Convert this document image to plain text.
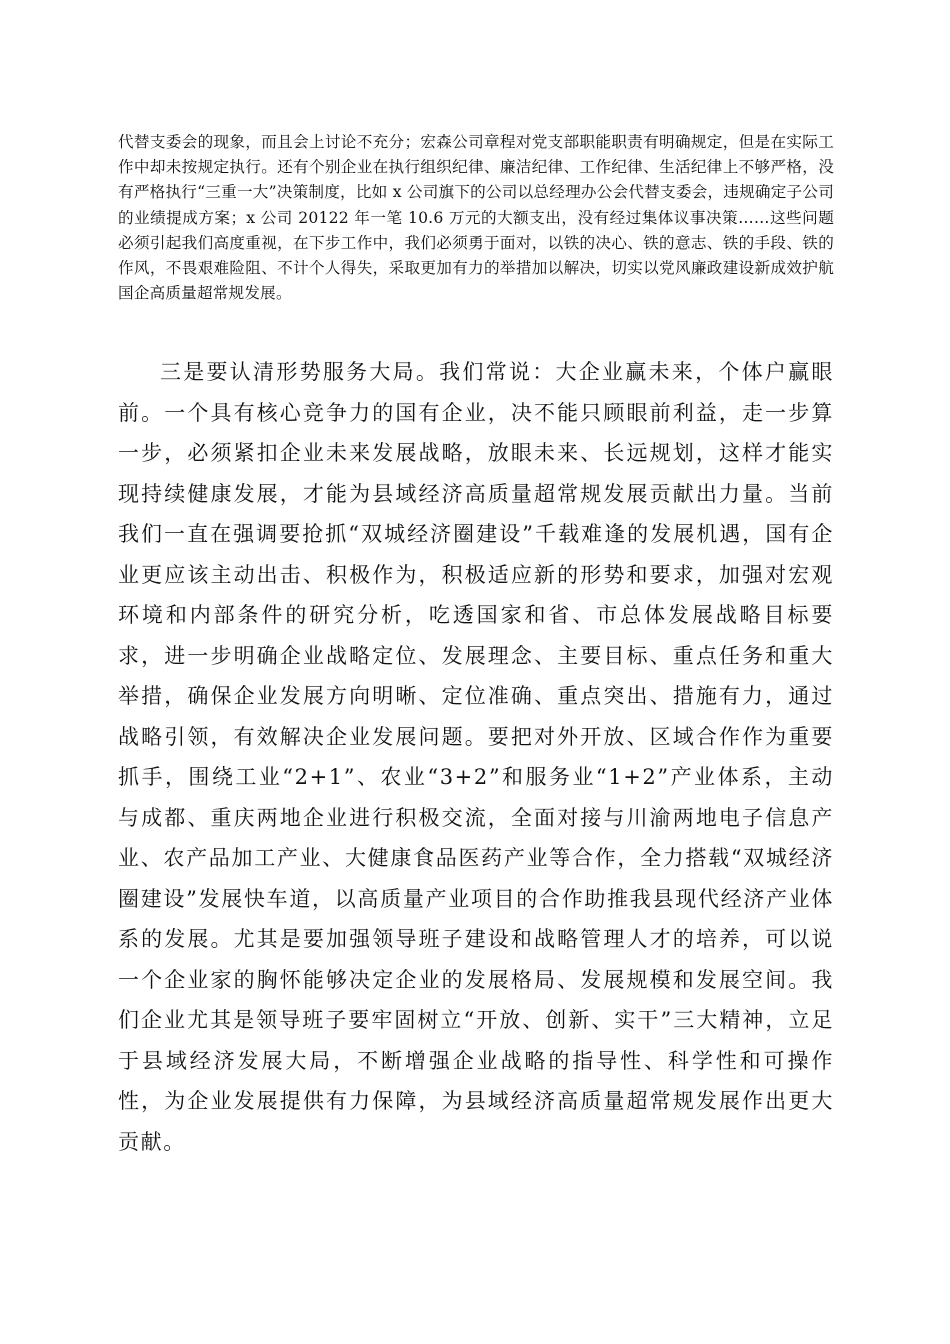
代替支委会的现象，而且会上讨论不充分；宏森公司章程对党支部职能职责有明确规定，但是在实际工作中却未按规定执行。还有个别企业在执行组织纪律、廉洁纪律、工作纪律、生活纪律上不够严格，没有严格执行“三重一大”决策制度，比如 x 公司旗下的公司以总经理办公会代替支委会，违规确定子公司的业绩提成方案；x 公司 20122 年一笔 10.6 万元的大额支出，没有经过集体议事决策……这些问题必须引起我们高度重视，在下步工作中，我们必须勇于面对，以铁的决心、铁的意志、铁的手段、铁的作风，不畏艰难险阻、不计个人得失，采取更加有力的举措加以解决，切实以党风廉政建设新成效护航国企高质量超常规发展。

三是要认清形势服务大局。我们常说：大企业赢未来，个体户赢眼前。一个具有核心竞争力的国有企业，决不能只顾眼前利益，走一步算一步，必须紧扣企业未来发展战略，放眼未来、长远规划，这样才能实现持续健康发展，才能为县域经济高质量超常规发展贡献出力量。当前我们一直在强调要抢抓“双城经济圈建设”千载难逢的发展机遇，国有企业更应该主动出击、积极作为，积极适应新的形势和要求，加强对宏观环境和内部条件的研究分析，吃透国家和省、市总体发展战略目标要求，进一步明确企业战略定位、发展理念、主要目标、重点任务和重大举措，确保企业发展方向明晰、定位准确、重点突出、措施有力，通过战略引领，有效解决企业发展问题。要把对外开放、区域合作作为重要抓手，围绕工业“2+1”、农业“3+2”和服务业“1+2”产业体系，主动与成都、重庆两地企业进行积极交流，全面对接与川渝两地电子信息产业、农产品加工产业、大健康食品医药产业等合作，全力搭载“双城经济圈建设”发展快车道，以高质量产业项目的合作助推我县现代经济产业体系的发展。尤其是要加强领导班子建设和战略管理人才的培养，可以说一个企业家的胸怀能够决定企业的发展格局、发展规模和发展空间。我们企业尤其是领导班子要牢固树立“开放、创新、实干”三大精神，立足于县域经济发展大局，不断增强企业战略的指导性、科学性和可操作性，为企业发展提供有力保障，为县域经济高质量超常规发展作出更大贡献。
